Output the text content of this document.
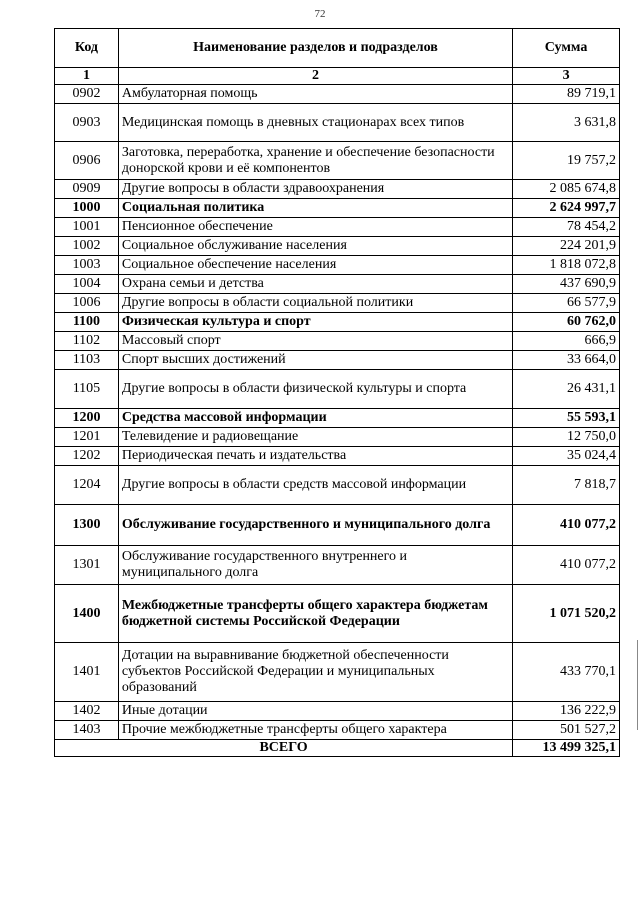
72
Код	Наименование разделов и подразделов	Сумма
1	2	3
0902	Амбулаторная помощь	89 719,1
0903	Медицинская помощь в дневных стационарах всех типов	3 631,8
0906	Заготовка, переработка, хранение и обеспечение безопасности донорской крови и её компонентов	19 757,2
0909	Другие вопросы в области здравоохранения	2 085 674,8
1000	Социальная политика	2 624 997,7
1001	Пенсионное обеспечение	78 454,2
1002	Социальное обслуживание населения	224 201,9
1003	Социальное обеспечение населения	1 818 072,8
1004	Охрана семьи и детства	437 690,9
1006	Другие вопросы в области социальной политики	66 577,9
1100	Физическая культура и спорт	60 762,0
1102	Массовый спорт	666,9
1103	Спорт высших достижений	33 664,0
1105	Другие вопросы в области физической культуры и спорта	26 431,1
1200	Средства массовой информации	55 593,1
1201	Телевидение и радиовещание	12 750,0
1202	Периодическая печать и издательства	35 024,4
1204	Другие вопросы в области средств массовой информации	7 818,7
1300	Обслуживание государственного и муниципального долга	410 077,2
1301	Обслуживание государственного внутреннего и муниципального долга	410 077,2
1400	Межбюджетные трансферты общего характера бюджетам бюджетной системы Российской Федерации	1 071 520,2
1401	Дотации на выравнивание бюджетной обеспеченности субъектов Российской Федерации и муниципальных образований	433 770,1
1402	Иные дотации	136 222,9
1403	Прочие межбюджетные трансферты общего характера	501 527,2
ВСЕГО		13 499 325,1
